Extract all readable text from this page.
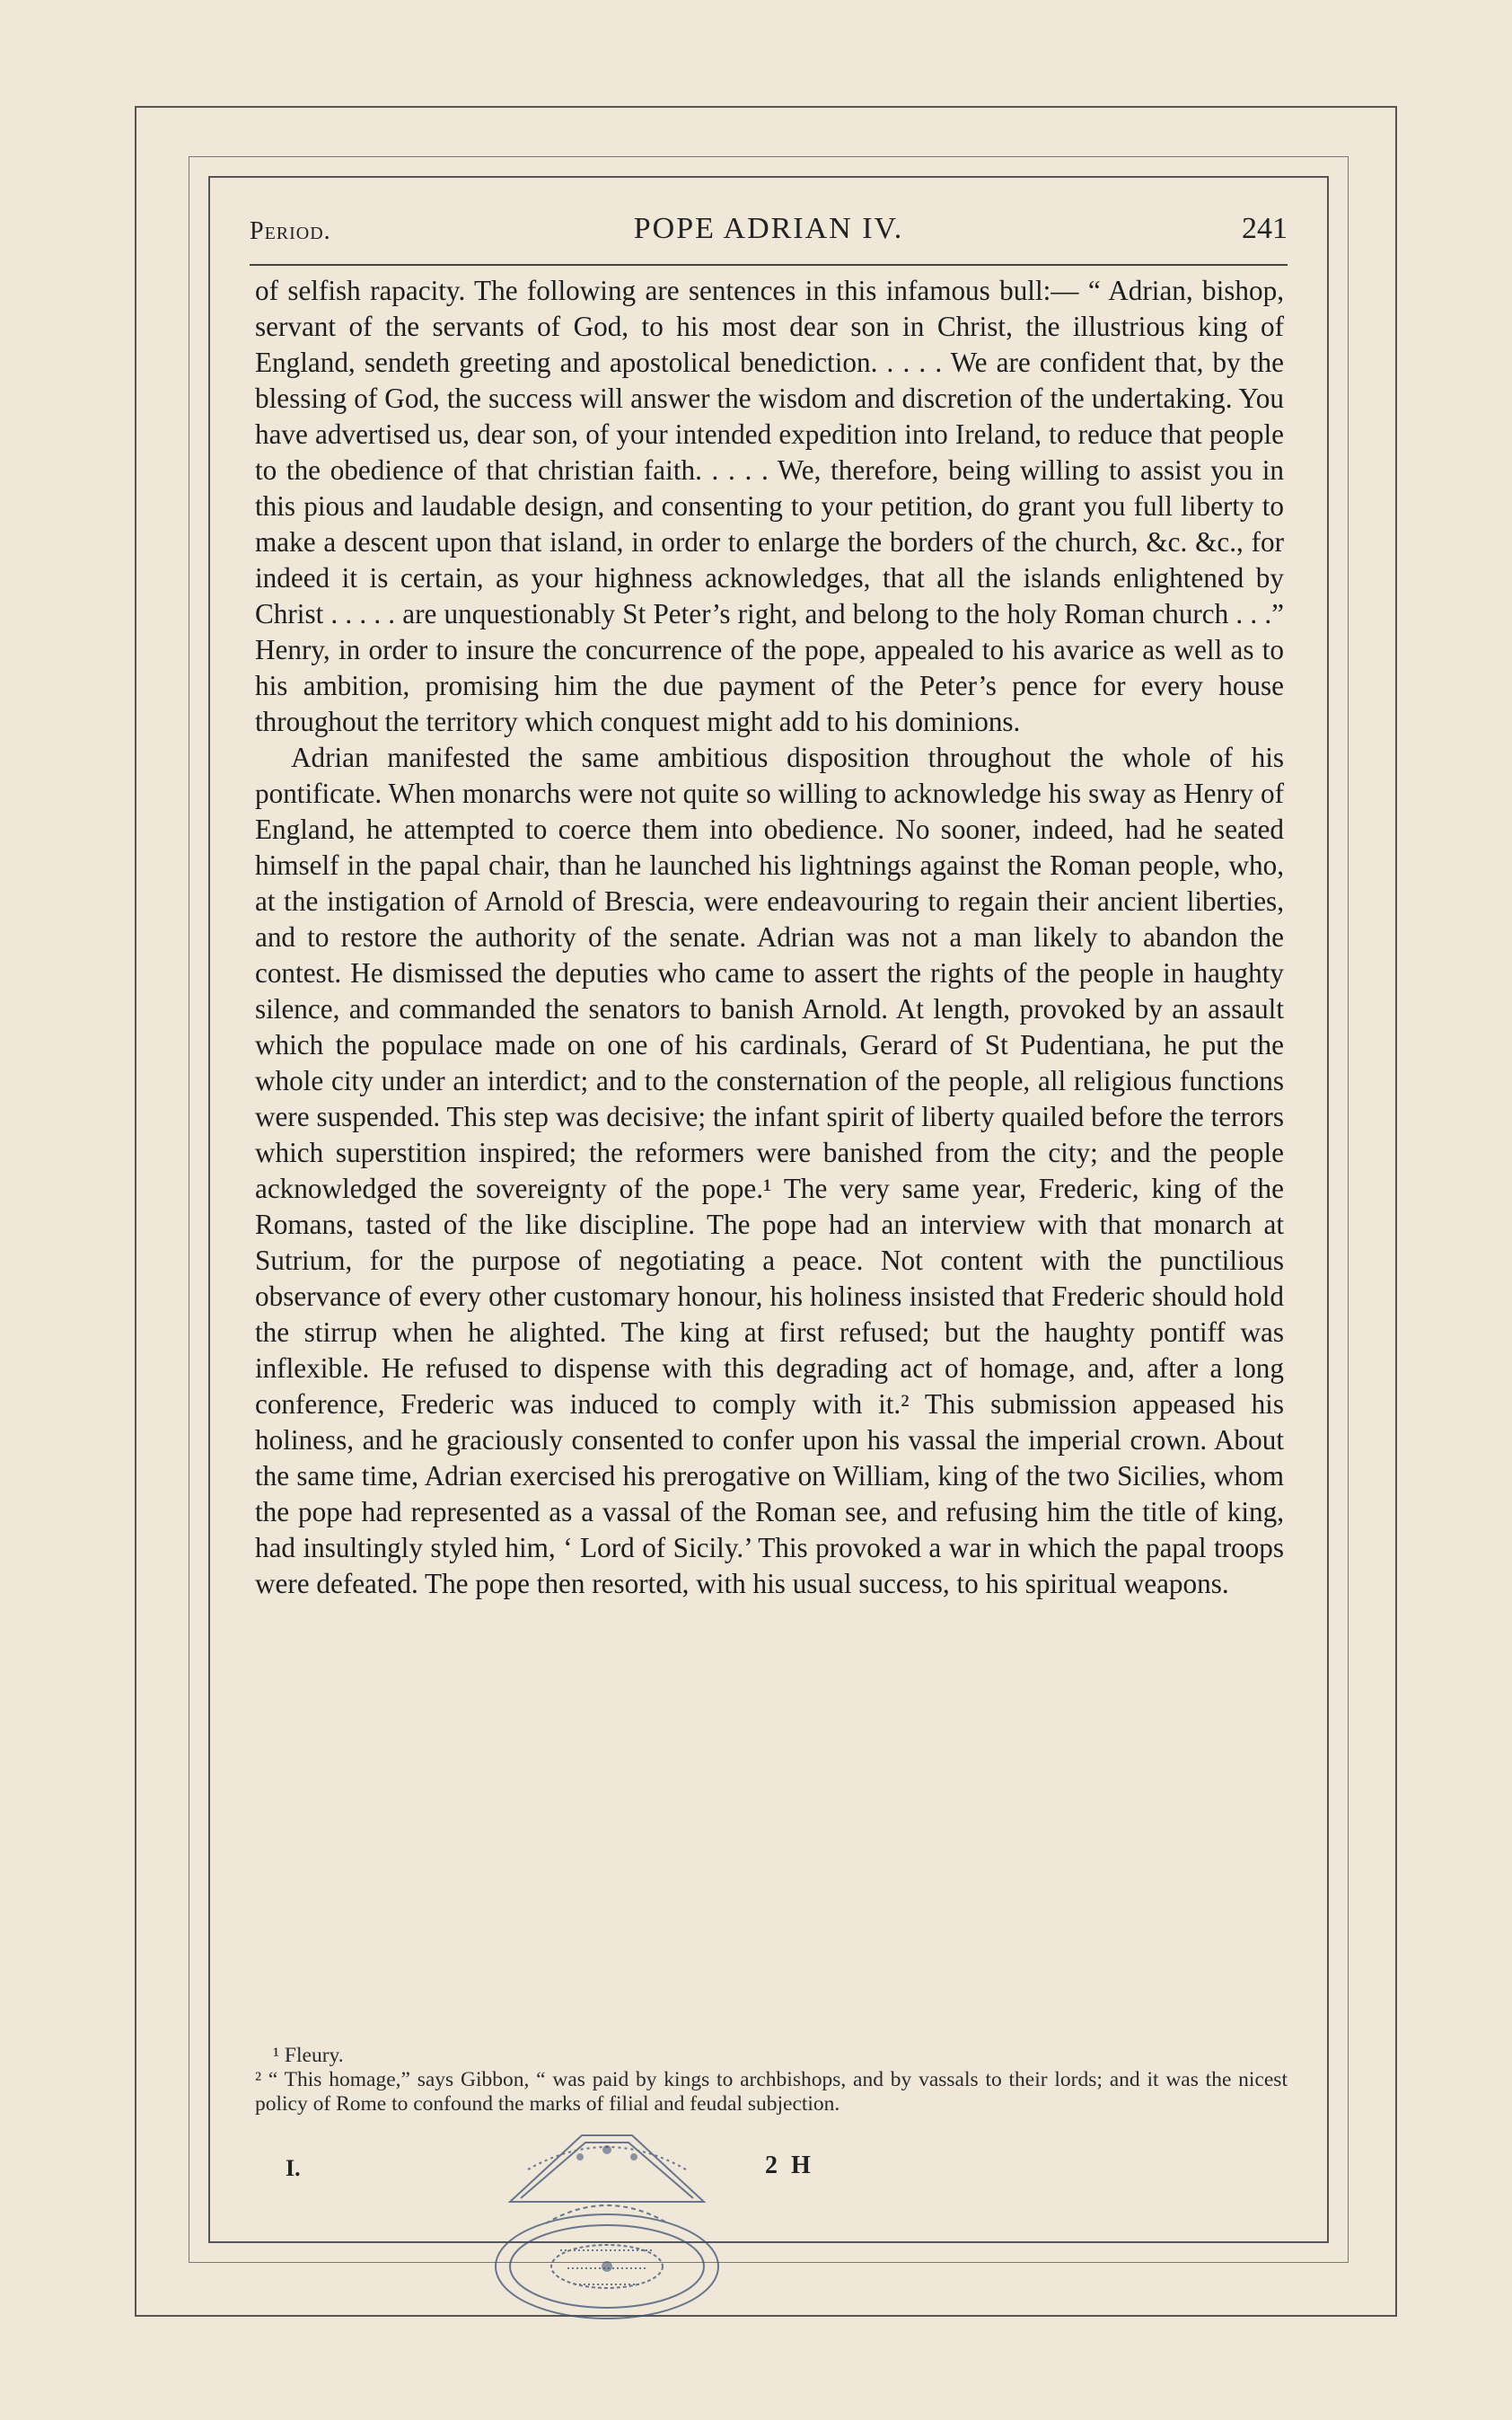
Period.	POPE ADRIAN IV.	241

of selfish rapacity. The following are sentences in this infamous bull:— “ Adrian, bishop, servant of the servants of God, to his most dear son in Christ, the illustrious king of England, sendeth greeting and apostolical benediction. . . . . We are confident that, by the blessing of God, the success will answer the wisdom and discretion of the undertaking. You have advertised us, dear son, of your intended expedition into Ireland, to reduce that people to the obedience of that christian faith. . . . . We, therefore, being willing to assist you in this pious and laudable design, and consenting to your petition, do grant you full liberty to make a descent upon that island, in order to enlarge the borders of the church, &c. &c., for indeed it is certain, as your highness acknowledges, that all the islands enlightened by Christ . . . . . are unquestionably St Peter’s right, and belong to the holy Roman church . . .” Henry, in order to insure the concurrence of the pope, appealed to his avarice as well as to his ambition, promising him the due payment of the Peter’s pence for every house throughout the territory which conquest might add to his dominions.

Adrian manifested the same ambitious disposition throughout the whole of his pontificate. When monarchs were not quite so willing to acknowledge his sway as Henry of England, he attempted to coerce them into obedience. No sooner, indeed, had he seated himself in the papal chair, than he launched his lightnings against the Roman people, who, at the instigation of Arnold of Brescia, were endeavouring to regain their ancient liberties, and to restore the authority of the senate. Adrian was not a man likely to abandon the contest. He dismissed the deputies who came to assert the rights of the people in haughty silence, and commanded the senators to banish Arnold. At length, provoked by an assault which the populace made on one of his cardinals, Gerard of St Pudentiana, he put the whole city under an interdict; and to the consternation of the people, all religious functions were suspended. This step was decisive; the infant spirit of liberty quailed before the terrors which superstition inspired; the reformers were banished from the city; and the people acknowledged the sovereignty of the pope.¹ The very same year, Frederic, king of the Romans, tasted of the like discipline. The pope had an interview with that monarch at Sutrium, for the purpose of negotiating a peace. Not content with the punctilious observance of every other customary honour, his holiness insisted that Frederic should hold the stirrup when he alighted. The king at first refused; but the haughty pontiff was inflexible. He refused to dispense with this degrading act of homage, and, after a long conference, Frederic was induced to comply with it.² This submission appeased his holiness, and he graciously consented to confer upon his vassal the imperial crown. About the same time, Adrian exercised his prerogative on William, king of the two Sicilies, whom the pope had represented as a vassal of the Roman see, and refusing him the title of king, had insultingly styled him, ‘ Lord of Sicily.’ This provoked a war in which the papal troops were defeated. The pope then resorted, with his usual success, to his spiritual weapons.

¹ Fleury.

² “ This homage,” says Gibbon, “ was paid by kings to archbishops, and by vassals to their lords; and it was the nicest policy of Rome to confound the marks of filial and feudal subjection.

I.	2 H
